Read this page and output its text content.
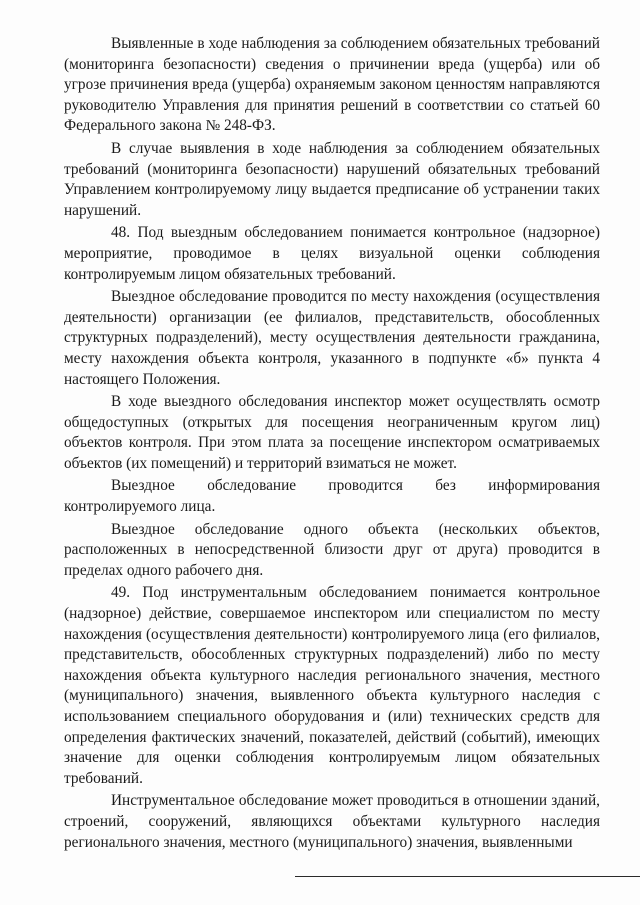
Выявленные в ходе наблюдения за соблюдением обязательных требований (мониторинга безопасности) сведения о причинении вреда (ущерба) или об угрозе причинения вреда (ущерба) охраняемым законом ценностям направляются руководителю Управления для принятия решений в соответствии со статьей 60 Федерального закона № 248-ФЗ.

В случае выявления в ходе наблюдения за соблюдением обязательных требований (мониторинга безопасности) нарушений обязательных требований Управлением контролируемому лицу выдается предписание об устранении таких нарушений.

48. Под выездным обследованием понимается контрольное (надзорное) мероприятие, проводимое в целях визуальной оценки соблюдения контролируемым лицом обязательных требований.

Выездное обследование проводится по месту нахождения (осуществления деятельности) организации (ее филиалов, представительств, обособленных структурных подразделений), месту осуществления деятельности гражданина, месту нахождения объекта контроля, указанного в подпункте «б» пункта 4 настоящего Положения.

В ходе выездного обследования инспектор может осуществлять осмотр общедоступных (открытых для посещения неограниченным кругом лиц) объектов контроля. При этом плата за посещение инспектором осматриваемых объектов (их помещений) и территорий взиматься не может.

Выездное обследование проводится без информирования контролируемого лица.

Выездное обследование одного объекта (нескольких объектов, расположенных в непосредственной близости друг от друга) проводится в пределах одного рабочего дня.

49. Под инструментальным обследованием понимается контрольное (надзорное) действие, совершаемое инспектором или специалистом по месту нахождения (осуществления деятельности) контролируемого лица (его филиалов, представительств, обособленных структурных подразделений) либо по месту нахождения объекта культурного наследия регионального значения, местного (муниципального) значения, выявленного объекта культурного наследия с использованием специального оборудования и (или) технических средств для определения фактических значений, показателей, действий (событий), имеющих значение для оценки соблюдения контролируемым лицом обязательных требований.

Инструментальное обследование может проводиться в отношении зданий, строений, сооружений, являющихся объектами культурного наследия регионального значения, местного (муниципального) значения, выявленными
